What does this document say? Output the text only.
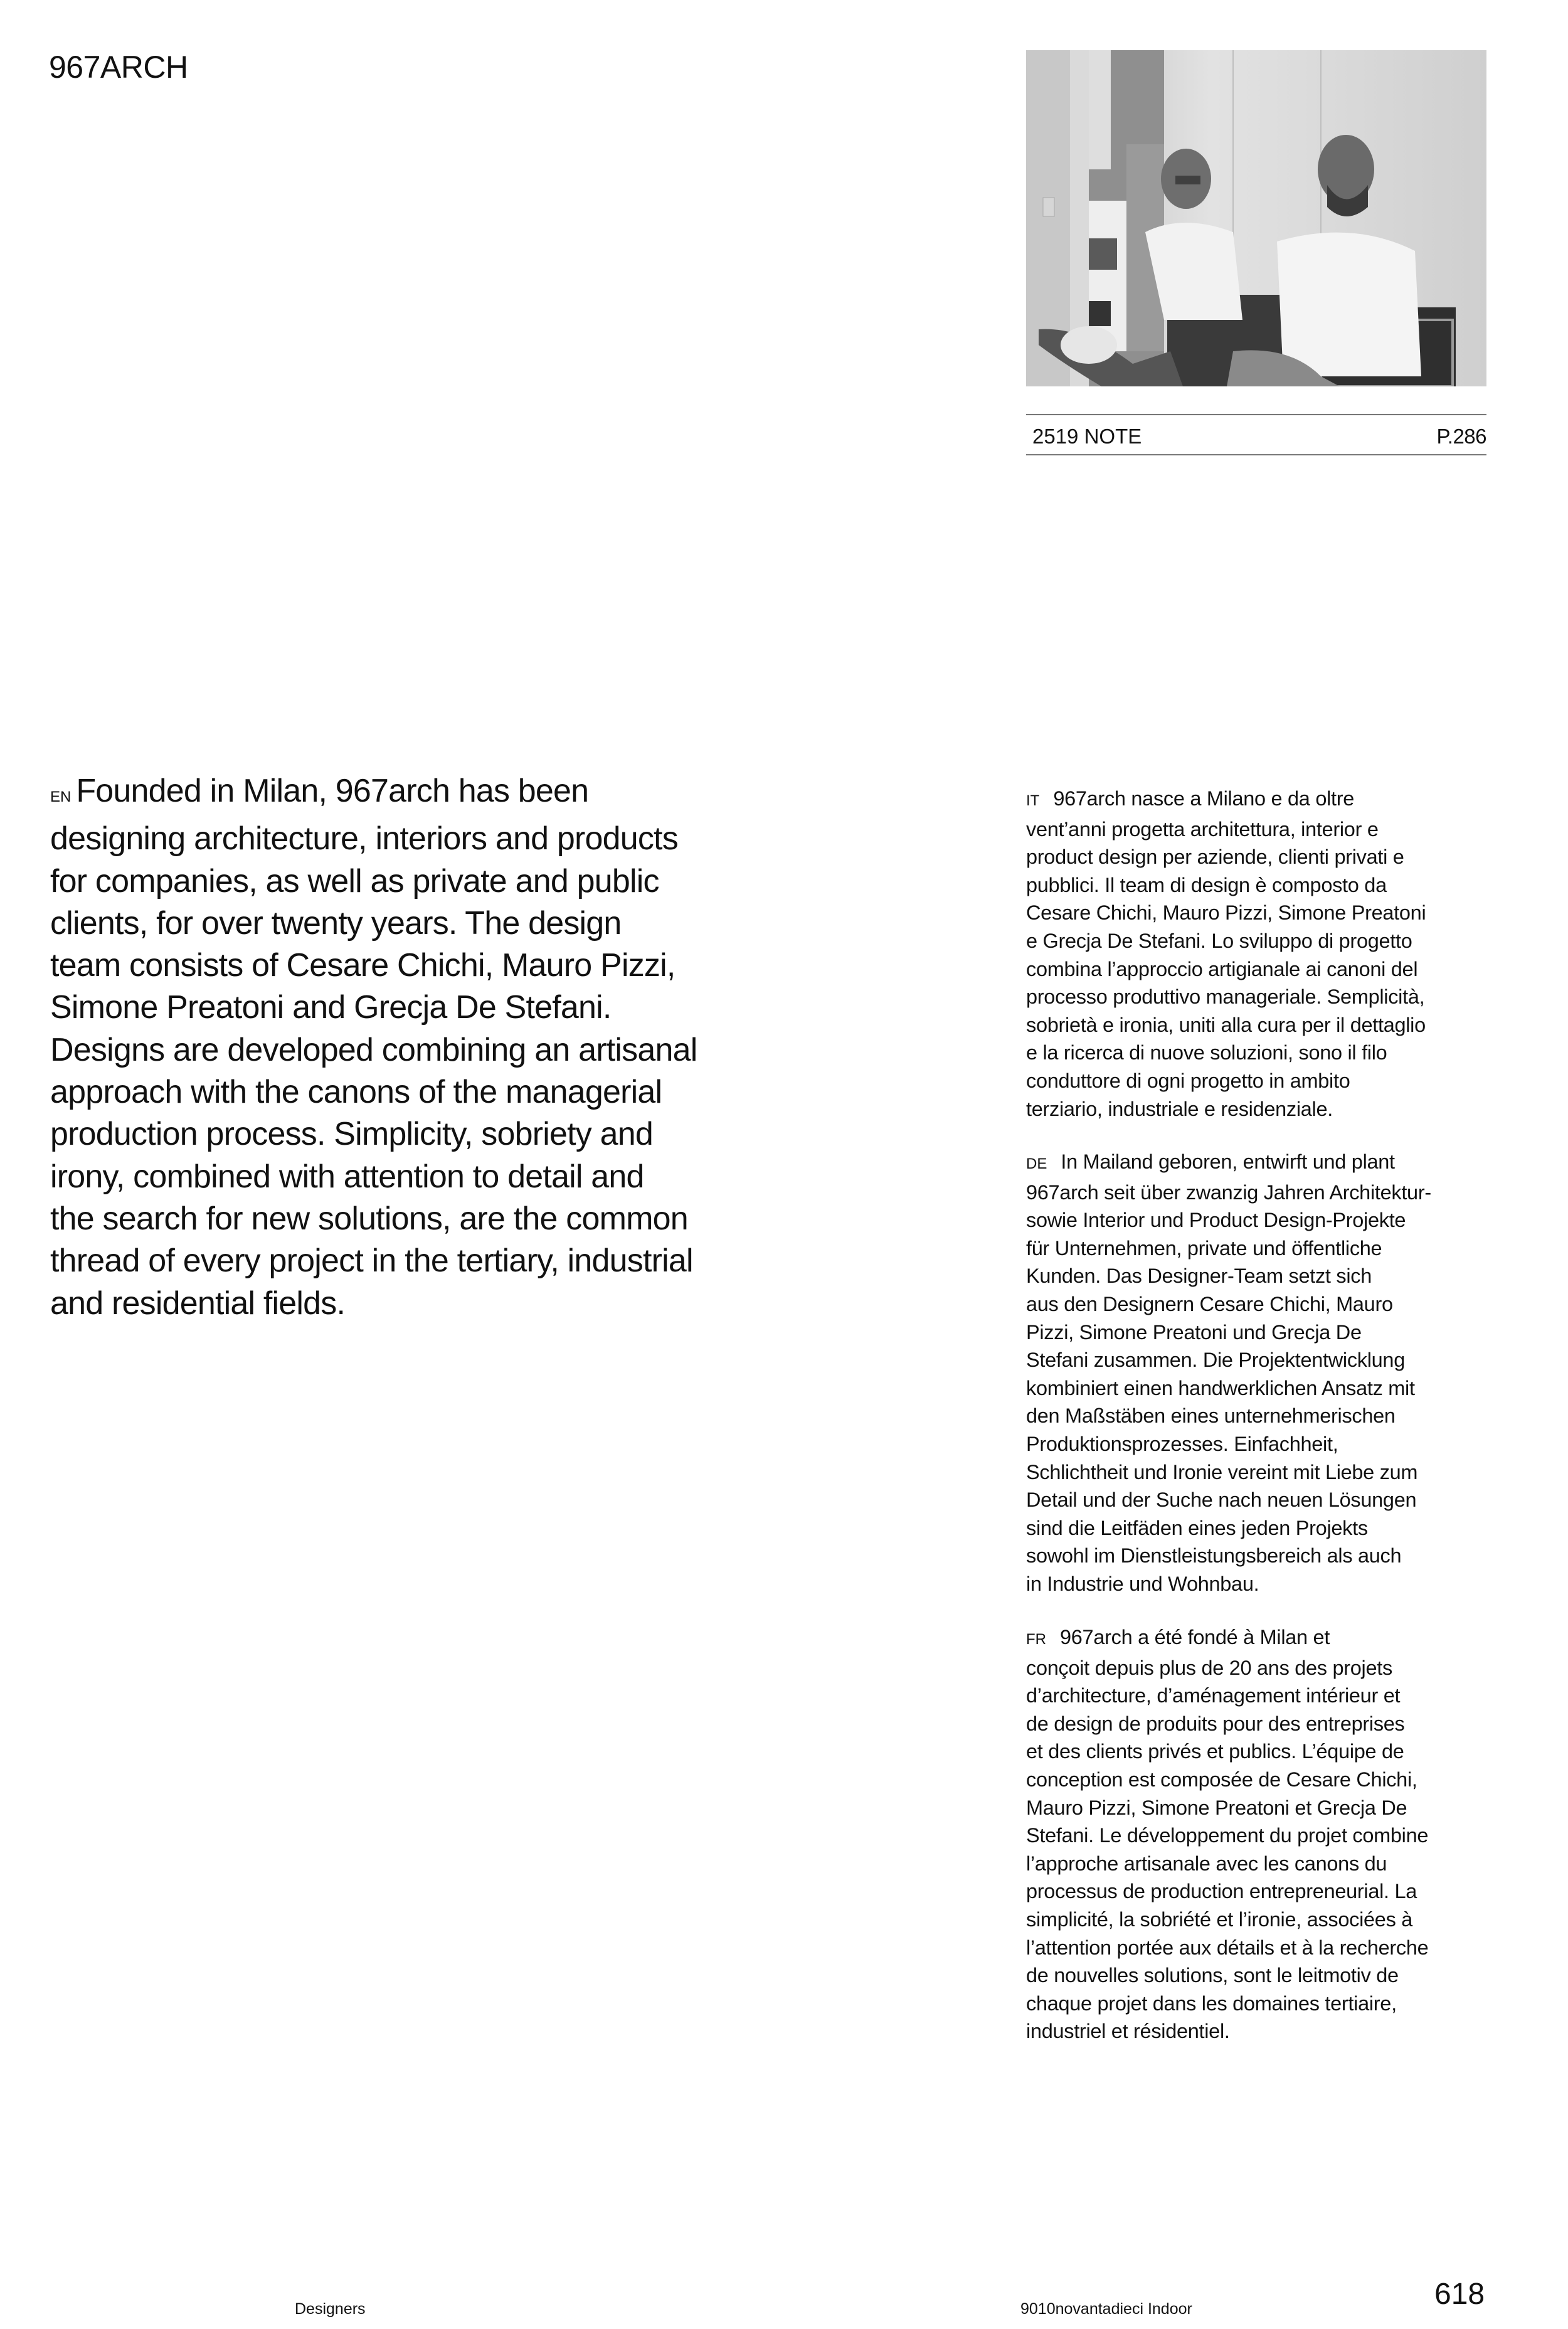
967ARCH
2519 NOTE	P.286
EN Founded in Milan, 967arch has been
designing architecture, interiors and products
for companies, as well as private and public
clients, for over twenty years. The design
team consists of Cesare Chichi, Mauro Pizzi,
Simone Preatoni and Grecja De Stefani.
Designs are developed combining an artisanal
approach with the canons of the managerial
production process. Simplicity, sobriety and
irony, combined with attention to detail and
the search for new solutions, are the common
thread of every project in the tertiary, industrial
and residential fields.
IT 967arch nasce a Milano e da oltre
vent’anni progetta architettura, interior e
product design per aziende, clienti privati e
pubblici. Il team di design è composto da
Cesare Chichi, Mauro Pizzi, Simone Preatoni
e Grecja De Stefani. Lo sviluppo di progetto
combina l’approccio artigianale ai canoni del
processo produttivo manageriale. Semplicità,
sobrietà e ironia, uniti alla cura per il dettaglio
e la ricerca di nuove soluzioni, sono il filo
conduttore di ogni progetto in ambito
terziario, industriale e residenziale.
DE In Mailand geboren, entwirft und plant
967arch seit über zwanzig Jahren Architektur-
sowie Interior und Product Design-Projekte
für Unternehmen, private und öffentliche
Kunden. Das Designer-Team setzt sich
aus den Designern Cesare Chichi, Mauro
Pizzi, Simone Preatoni und Grecja De
Stefani zusammen. Die Projektentwicklung
kombiniert einen handwerklichen Ansatz mit
den Maßstäben eines unternehmerischen
Produktionsprozesses. Einfachheit,
Schlichtheit und Ironie vereint mit Liebe zum
Detail und der Suche nach neuen Lösungen
sind die Leitfäden eines jeden Projekts
sowohl im Dienstleistungsbereich als auch
in Industrie und Wohnbau.
FR 967arch a été fondé à Milan et
conçoit depuis plus de 20 ans des projets
d’architecture, d’aménagement intérieur et
de design de produits pour des entreprises
et des clients privés et publics. L’équipe de
conception est composée de Cesare Chichi,
Mauro Pizzi, Simone Preatoni et Grecja De
Stefani. Le développement du projet combine
l’approche artisanale avec les canons du
processus de production entrepreneurial. La
simplicité, la sobriété et l’ironie, associées à
l’attention portée aux détails et à la recherche
de nouvelles solutions, sont le leitmotiv de
chaque projet dans les domaines tertiaire,
industriel et résidentiel.
Designers	9010novantadieci Indoor	618
